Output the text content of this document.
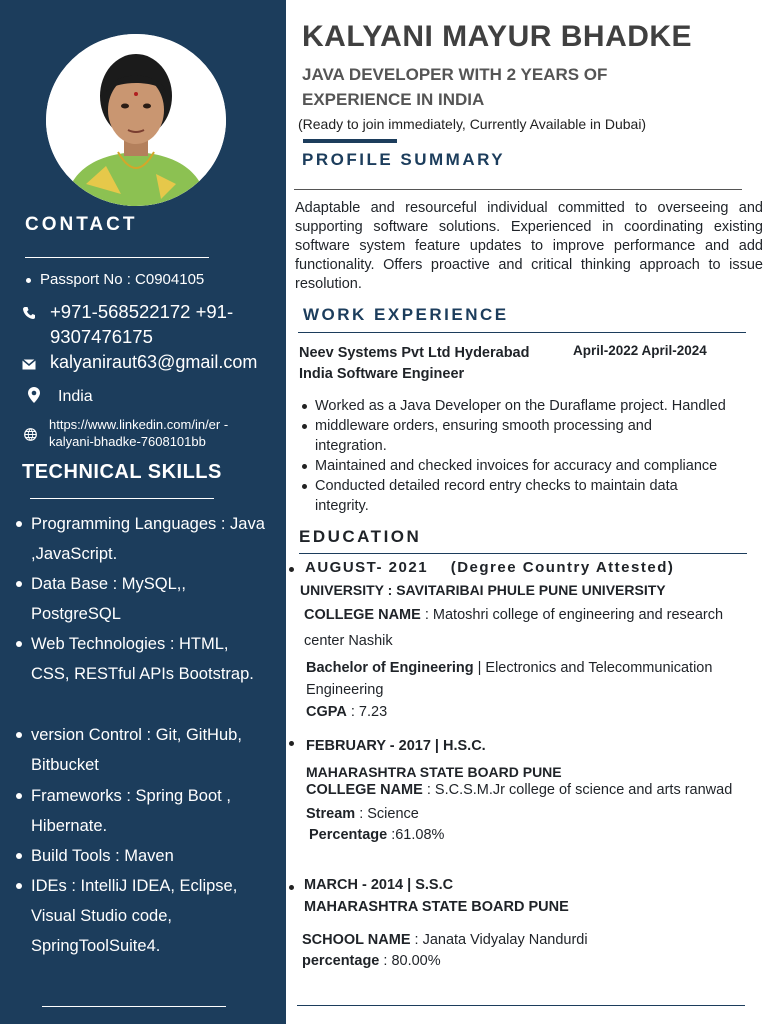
CONTACT
Passport No : C0904105
+971-568522172 +91-9307476175
kalyaniraut63@gmail.com
India
https://www.linkedin.com/in/er - kalyani-bhadke-7608101bb
TECHNICAL SKILLS
Programming Languages : Java ,JavaScript.
Data Base : MySQL,, PostgreSQL
Web Technologies : HTML, CSS, RESTful APIs Bootstrap.
version Control : Git, GitHub, Bitbucket
Frameworks : Spring Boot , Hibernate.
Build Tools : Maven
IDEs : IntelliJ IDEA, Eclipse, Visual Studio code, SpringToolSuite4.
KALYANI MAYUR BHADKE
JAVA DEVELOPER WITH 2 YEARS OF EXPERIENCE IN INDIA
(Ready to join immediately, Currently Available in Dubai)
PROFILE SUMMARY
Adaptable and resourceful individual committed to overseeing and supporting software solutions. Experienced in coordinating existing software system feature updates to improve performance and add functionality. Offers proactive and critical thinking approach to issue resolution.
WORK EXPERIENCE
Neev Systems Pvt Ltd Hyderabad India Software Engineer
April-2022 April-2024
Worked as a Java Developer on the Duraflame project. Handled
middleware orders, ensuring smooth processing and integration.
Maintained and checked invoices for accuracy and compliance
Conducted detailed record entry checks to maintain data integrity.
EDUCATION
AUGUST- 2021 (Degree Country Attested)
UNIVERSITY : SAVITARIBAI PHULE PUNE UNIVERSITY
COLLEGE NAME : Matoshri college of engineering and research
center Nashik
Bachelor of Engineering | Electronics and Telecommunication
Engineering
CGPA : 7.23
FEBRUARY - 2017 | H.S.C.
MAHARASHTRA STATE BOARD PUNE
COLLEGE NAME : S.C.S.M.Jr college of science and arts ranwad
Stream : Science
Percentage :61.08%
MARCH - 2014 | S.S.C
MAHARASHTRA STATE BOARD PUNE
SCHOOL NAME : Janata Vidyalay Nandurdi
percentage : 80.00%
